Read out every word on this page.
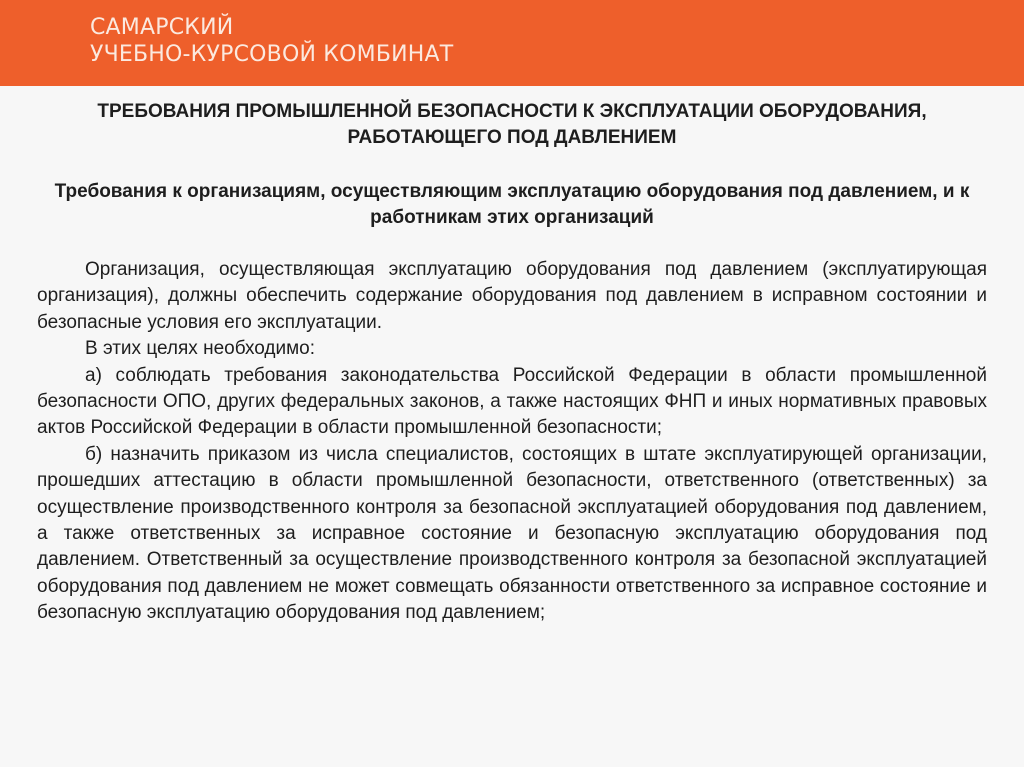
САМАРСКИЙ
УЧЕБНО-КУРСОВОЙ КОМБИНАТ
ТРЕБОВАНИЯ ПРОМЫШЛЕННОЙ БЕЗОПАСНОСТИ К ЭКСПЛУАТАЦИИ ОБОРУДОВАНИЯ, РАБОТАЮЩЕГО ПОД ДАВЛЕНИЕМ
Требования к организациям, осуществляющим эксплуатацию оборудования под давлением, и к работникам этих организаций

Организация, осуществляющая эксплуатацию оборудования под давлением (эксплуатирующая организация), должны обеспечить содержание оборудования под давлением в исправном состоянии и безопасные условия его эксплуатации.

В этих целях необходимо:

а) соблюдать требования законодательства Российской Федерации в области промышленной безопасности ОПО, других федеральных законов, а также настоящих ФНП и иных нормативных правовых актов Российской Федерации в области промышленной безопасности;

б) назначить приказом из числа специалистов, состоящих в штате эксплуатирующей организации, прошедших аттестацию в области промышленной безопасности, ответственного (ответственных) за осуществление производственного контроля за безопасной эксплуатацией оборудования под давлением, а также ответственных за исправное состояние и безопасную эксплуатацию оборудования под давлением. Ответственный за осуществление производственного контроля за безопасной эксплуатацией оборудования под давлением не может совмещать обязанности ответственного за исправное состояние и безопасную эксплуатацию оборудования под давлением;
